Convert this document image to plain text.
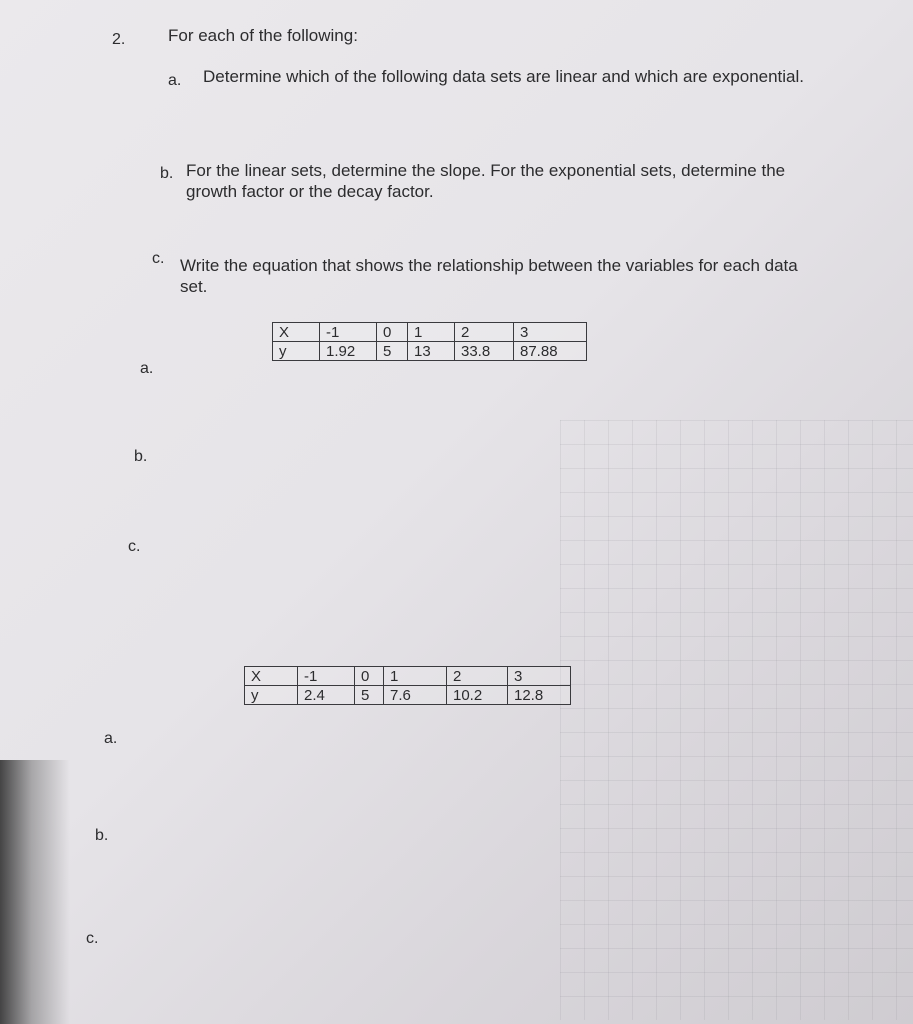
2.	For each of the following:
a. Determine which of the following data sets are linear and which are exponential.
b. For the linear sets, determine the slope. For the exponential sets, determine the growth factor or the decay factor.
c. Write the equation that shows the relationship between the variables for each data set.
X	-1	0	1	2	3
y	1.92	5	13	33.8	87.88
a.
b.
c.
X	-1	0	1	2	3
y	2.4	5	7.6	10.2	12.8
a.
b.
c.
